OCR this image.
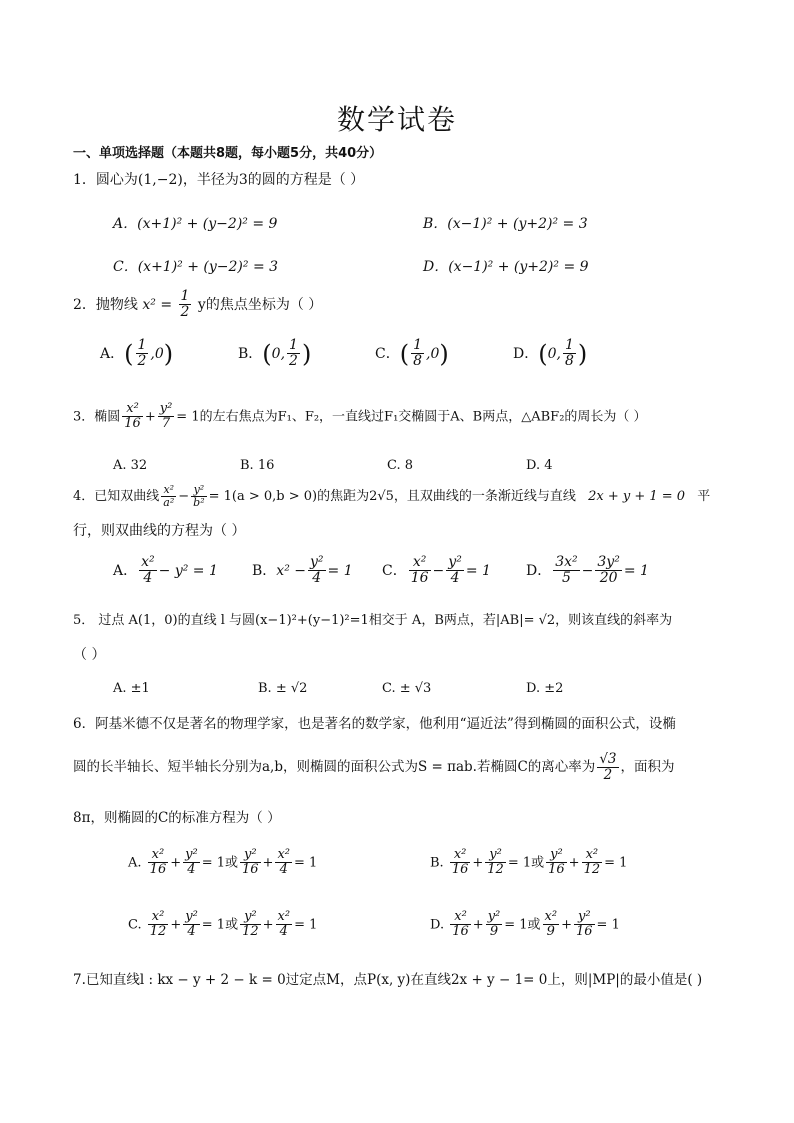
数学试卷
一、单项选择题（本题共8题，每小题5分，共40分）
1．圆心为(1,−2)，半径为3的圆的方程是（ ）
A．(x+1)² + (y−2)² = 9	B．(x−1)² + (y+2)² = 3
C．(x+1)² + (y−2)² = 3	D．(x−1)² + (y+2)² = 9
2．抛物线 $x^2 = \frac{1}{2}$ y的焦点坐标为（ ）
A．( $\frac{1}{2} ,0$)	B．(0, $\frac{1}{2}$ )	C．( $\frac{1}{8} ,0$)	D．(0, $\frac{1}{8}$ )
3．椭圆 $\frac{\text{x²}}{16} + \frac{\text{y²}}{7} = 1$的左右焦点为F₁、F₂，一直线过F₁交椭圆于A、B两点，△ABF₂的周长为（ ）
A. 32	B. 16	C. 8	D. 4
4．已知双曲线 $\frac{\text{x²}}{\text{a²}} - \frac{\text{y²}}{\text{b²}} = 1(a > 0,b > 0)$的焦距为2√5，且双曲线的一条渐近线与直线 2x + y + 1 = 0 平
行，则双曲线的方程为（ ）
A． $\frac{\text{x²}}{4} - y^2 = 1$ B．$x^2 - \frac{\text{y²}}{4} = 1$ C． $\frac{\text{x²}}{16} - \frac{\text{y²}}{4} = 1$	D． $\frac{\text{3x²}}{5} - \frac{\text{3y²}}{20} = 1$
5． 过点 A(1，0)的直线 l 与圆(x−1)²+(y−1)²=1相交于 A，B两点，若|AB|= √2，则该直线的斜率为
（ ）
A. ±1	B. ± √2	C. ± √3	D. ±2
6．阿基米德不仅是著名的物理学家，也是著名的数学家，他利用“逼近法”得到椭圆的面积公式，设椭
圆的长半轴长、短半轴长分别为a,b，则椭圆的面积公式为S = πab.若椭圆C的离心率为 $\frac{√3}{2}$ ，面积为
8π，则椭圆的C的标准方程为（ ）
A. $\frac{\text{x²}}{16} + \frac{\text{y²}}{4} = 1$或 $\frac{\text{y²}}{16} + \frac{\text{x²}}{4} = 1$	B. $\frac{\text{x²}}{16} + \frac{\text{y²}}{12} = 1$或 $\frac{\text{y²}}{16} + \frac{\text{x²}}{12} = 1$
C. $\frac{\text{x²}}{12} + \frac{\text{y²}}{4} = 1$或 $\frac{\text{y²}}{12} + \frac{\text{x²}}{4} = 1$	D. $\frac{\text{x²}}{16} + \frac{\text{y²}}{9} = 1$或 $\frac{\text{x²}}{9} + \frac{\text{y²}}{16} = 1$
7.已知直线l : kx − y + 2 − k = 0过定点M，点P(x, y)在直线2x + y − 1= 0上，则|MP|的最小值是( )
